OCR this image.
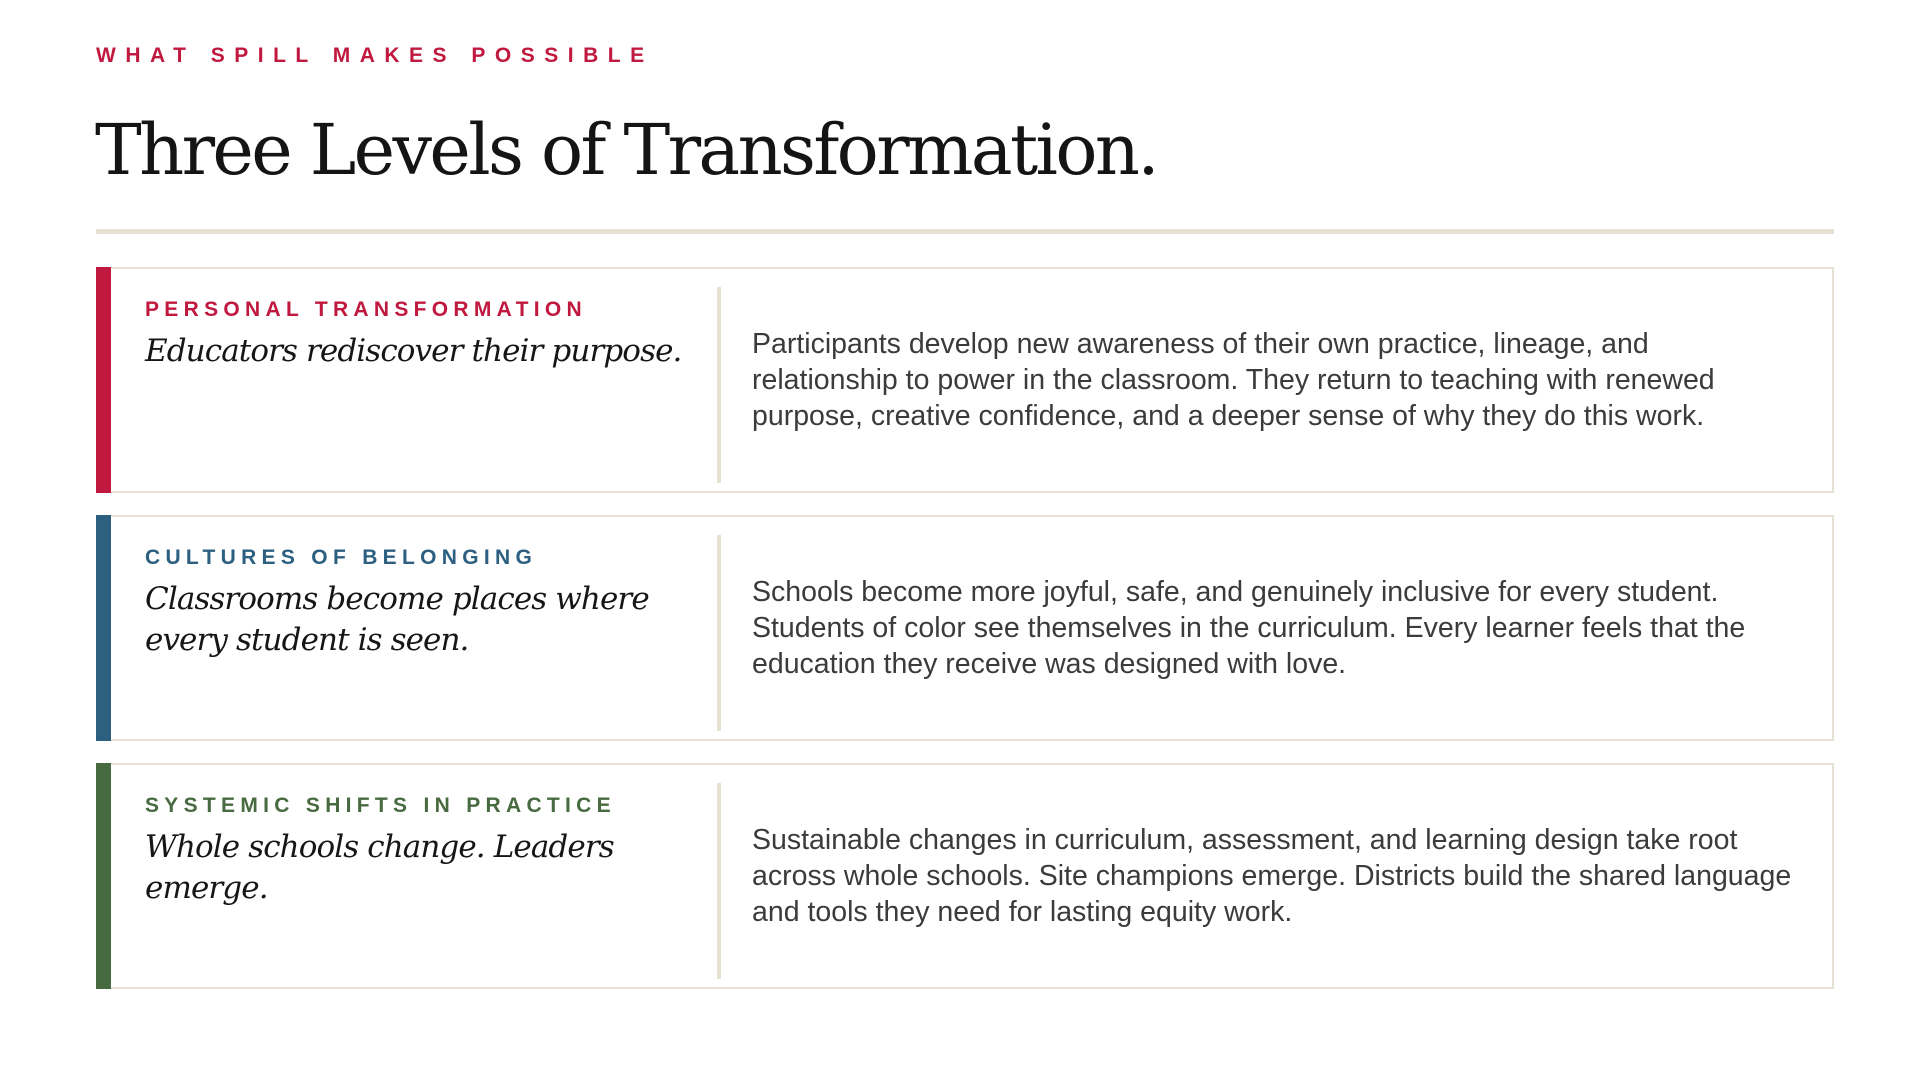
WHAT SPILL MAKES POSSIBLE
Three Levels of Transformation.
PERSONAL TRANSFORMATION
Educators rediscover their purpose.	Participants develop new awareness of their own practice, lineage, and relationship to power in the classroom. They return to teaching with renewed purpose, creative confidence, and a deeper sense of why they do this work.
CULTURES OF BELONGING
Classrooms become places where every student is seen.
Schools become more joyful, safe, and genuinely inclusive for every student. Students of color see themselves in the curriculum. Every learner feels that the education they receive was designed with love.
SYSTEMIC SHIFTS IN PRACTICE
Whole schools change. Leaders emerge.
Sustainable changes in curriculum, assessment, and learning design take root across whole schools. Site champions emerge. Districts build the shared language and tools they need for lasting equity work.
